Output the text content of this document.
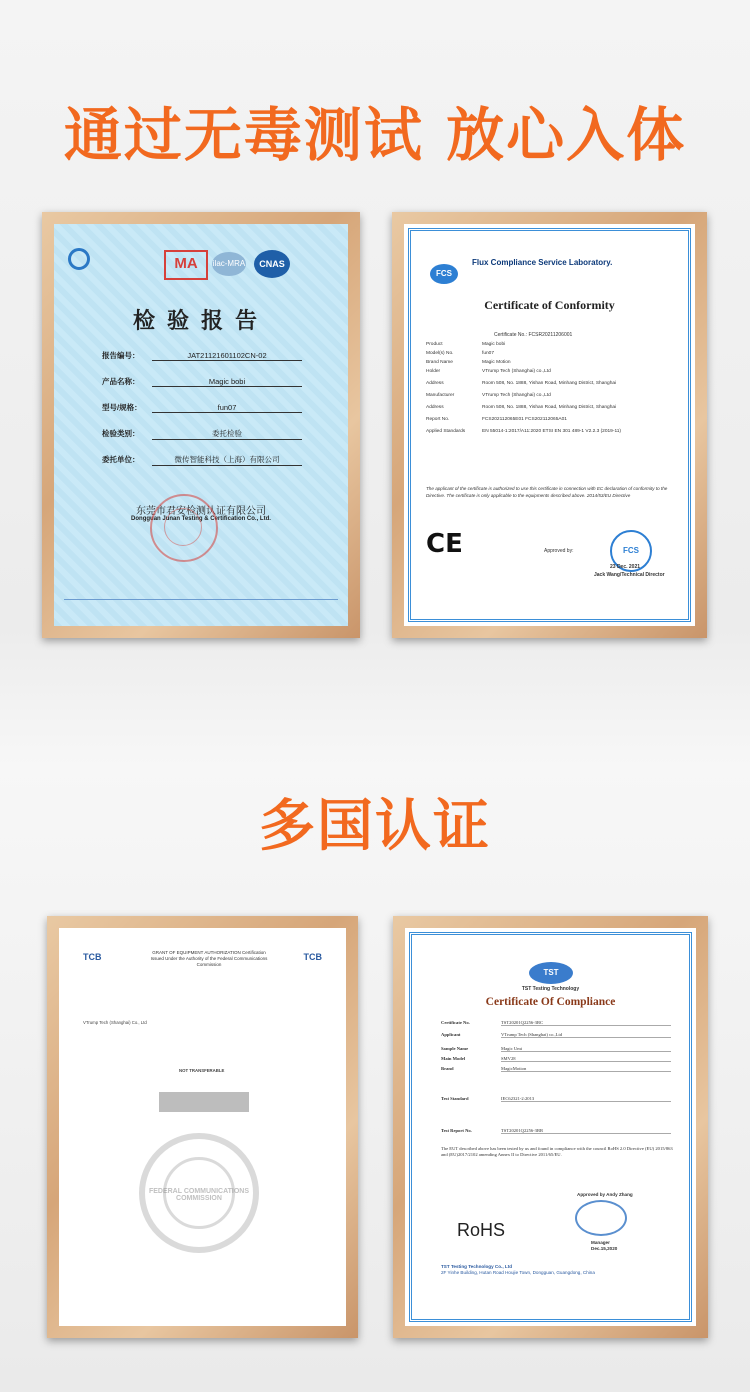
通过无毒测试 放心入体
MA	ilac-MRA	CNAS
检验报告
报告编号：	JAT21121601102CN-02
产品名称：	Magic bobi
型号/规格：	fun07
检验类别：	委托检验
委托单位：	微传智能科技（上海）有限公司
东莞市君安检测认证有限公司
Dongguan Junan Testing & Certification Co., Ltd.
FCS
Flux Compliance Service Laboratory.
Certificate of Conformity
Certificate No.: FCSR20211206001
Product	Magic bobi
Model(s) No.	fun07
Brand Name	Magic Motion
Holder	VTrump Tech (Shanghai) co.,Ltd
Address	Room 508, No. 1888, Yishan Road, Minhang District, Shanghai
Manufacturer	VTrump Tech (Shanghai) co.,Ltd
Address	Room 508, No. 1888, Yishan Road, Minhang District, Shanghai
Report No.	FCS202112065E01 FCS202112065A01
Applied Standards	EN 55014-1:2017/A11:2020 ETSI EN 301 489-1 V2.2.3 (2019-11)
The applicant of the certificate is authorized to use this certificate in connection with EC declaration of conformity to the Directive. The certificate is only applicable to the equipments described above. 2014/53/EU Directive
CE	Approved by:	FCS
23 Dec. 2021
Jack Wang/Technical Director
多国认证
TCB	TCB
GRANT OF EQUIPMENT AUTHORIZATION Certification Issued Under the Authority of the Federal Communications Commission
VTrump Tech (Shanghai) Co., Ltd
NOT TRANSFERABLE
FEDERAL COMMUNICATIONS COMMISSION
TST
TST Testing Technology
Certificate Of Compliance
Certificate No.	TST20201Q2256-3RC
Applicant	VTrump Tech (Shanghai) co.,Ltd
Sample Name	Magic Umi
Main Model	SMV28
Brand	MagicMotion
Test Standard	IEC62321-2:2013
Test Report No.	TST20201Q2256-3RR
The EUT described above has been tested by us and found in compliance with the council RoHS 2.0 Directive (EU) 2015/863 and (EU)2017/2102 amending Annex II to Directive 2011/65/EU.
RoHS
Approved by Andy Zhang
Manager
Dec.15,2020
TST Testing Technology Co., Ltd
2F Yinhe Building, Hutan Road Houjie Town, Dongguan, Guangdong, China
